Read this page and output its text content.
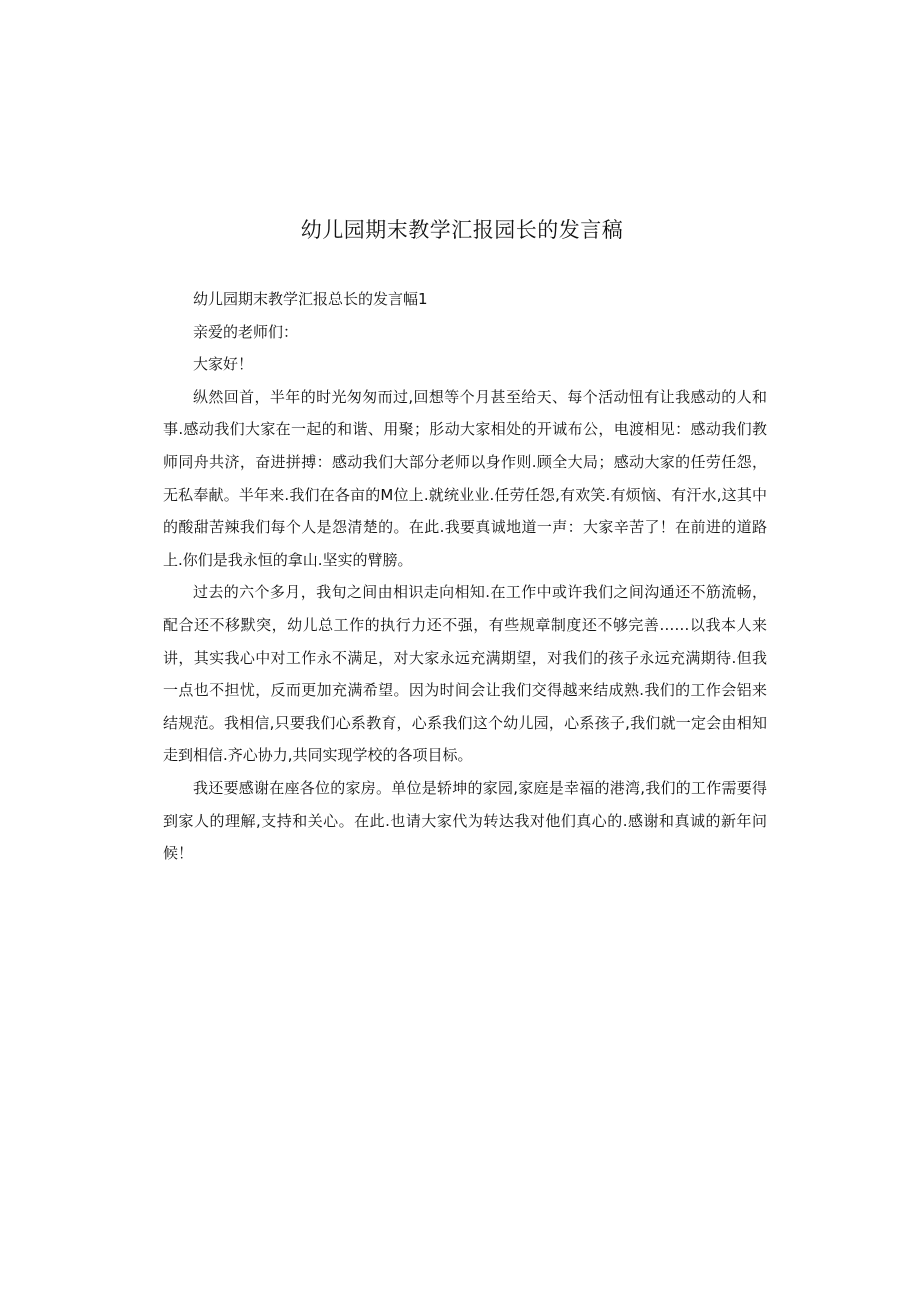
幼儿园期末教学汇报园长的发言稿

幼儿园期末教学汇报总长的发言幅1

亲爱的老师们：

大家好！

纵然回首，半年的时光匆匆而过,回想等个月甚至给天、每个活动忸有让我感动的人和事.感动我们大家在一起的和谐、用聚；肜动大家相处的开诚布公，电渡相见：感动我们教师同舟共济，奋进拼搏：感动我们大部分老师以身作则.顾全大局；感动大家的任劳任怨，无私奉献。半年来.我们在各亩的M位上.就统业业.任劳任怨,有欢笑.有烦恼、有汗水,这其中的酸甜苦辣我们每个人是怨清楚的。在此.我要真诚地道一声：大家辛苦了！在前进的道路上.你们是我永恒的拿山.坚实的臂膀。

过去的六个多月，我旬之间由相识走向相知.在工作中或许我们之间沟通还不筋流畅，配合还不移默突，幼儿总工作的执行力还不强，有些规章制度还不够完善……以我本人来讲，其实我心中对工作永不满足，对大家永远充满期望，对我们的孩子永远充满期待.但我一点也不担忧，反而更加充满希望。因为时间会让我们交得越来结成熟.我们的工作会铝来结规范。我相信,只要我们心系教育，心系我们这个幼儿园，心系孩子,我们就一定会由相知走到相信.齐心协力,共同实现学校的各项目标。

我还要感谢在座各位的家房。单位是轿坤的家园,家庭是幸福的港湾,我们的工作需要得到家人的理解,支持和关心。在此.也请大家代为转达我对他们真心的.感谢和真诚的新年问候！
